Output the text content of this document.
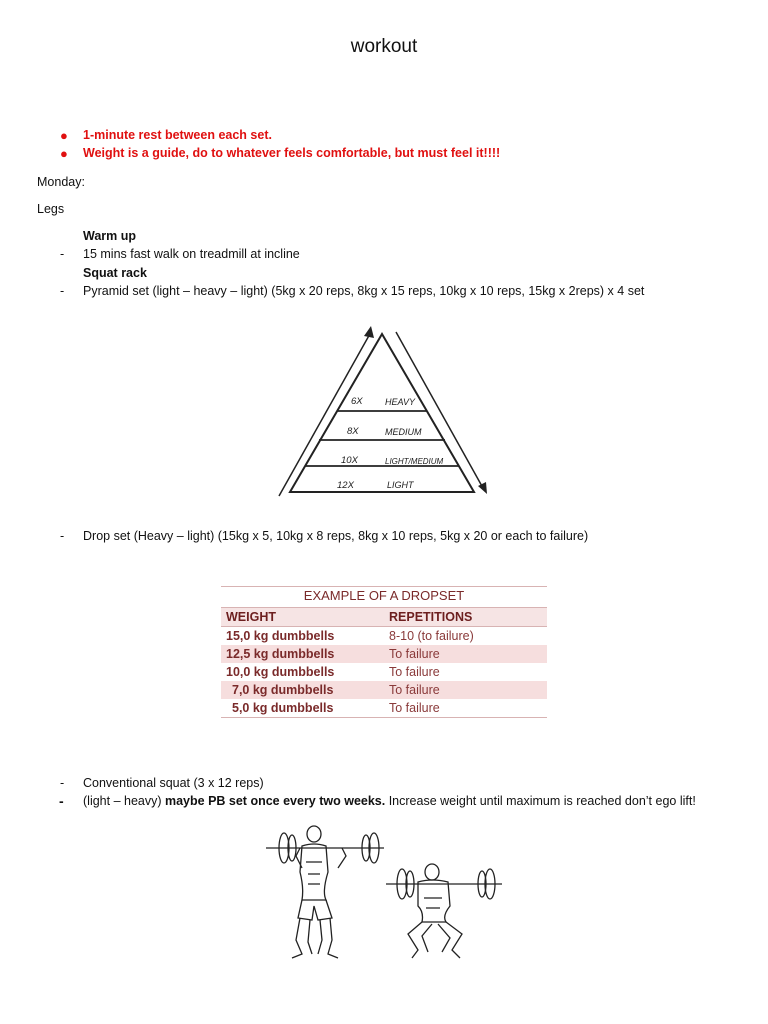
workout
● 1-minute rest between each set.
● Weight is a guide, do to whatever feels comfortable, but must feel it!!!!
Monday:
Legs
Warm up
- 15 mins fast walk on treadmill at incline
Squat rack
- Pyramid set (light – heavy – light) (5kg x 20 reps, 8kg x 15 reps, 10kg x 10 reps, 15kg x 2reps) x 4 set
6X HEAVY
8X	MEDIUM
10X	LIGHT/MEDIUM
12X	LIGHT
- Drop set (Heavy – light) (15kg x 5, 10kg x 8 reps, 8kg x 10 reps, 5kg x 20 or each to failure)
EXAMPLE OF A DROPSET
WEIGHT	REPETITIONS
15,0 kg dumbbells	8-10 (to failure)
12,5 kg dumbbells	To failure
10,0 kg dumbbells	To failure
7,0 kg dumbbells	To failure
5,0 kg dumbbells	To failure
- Conventional squat (3 x 12 reps)
- (light – heavy) maybe PB set once every two weeks. Increase weight until maximum is reached don’t ego lift!
